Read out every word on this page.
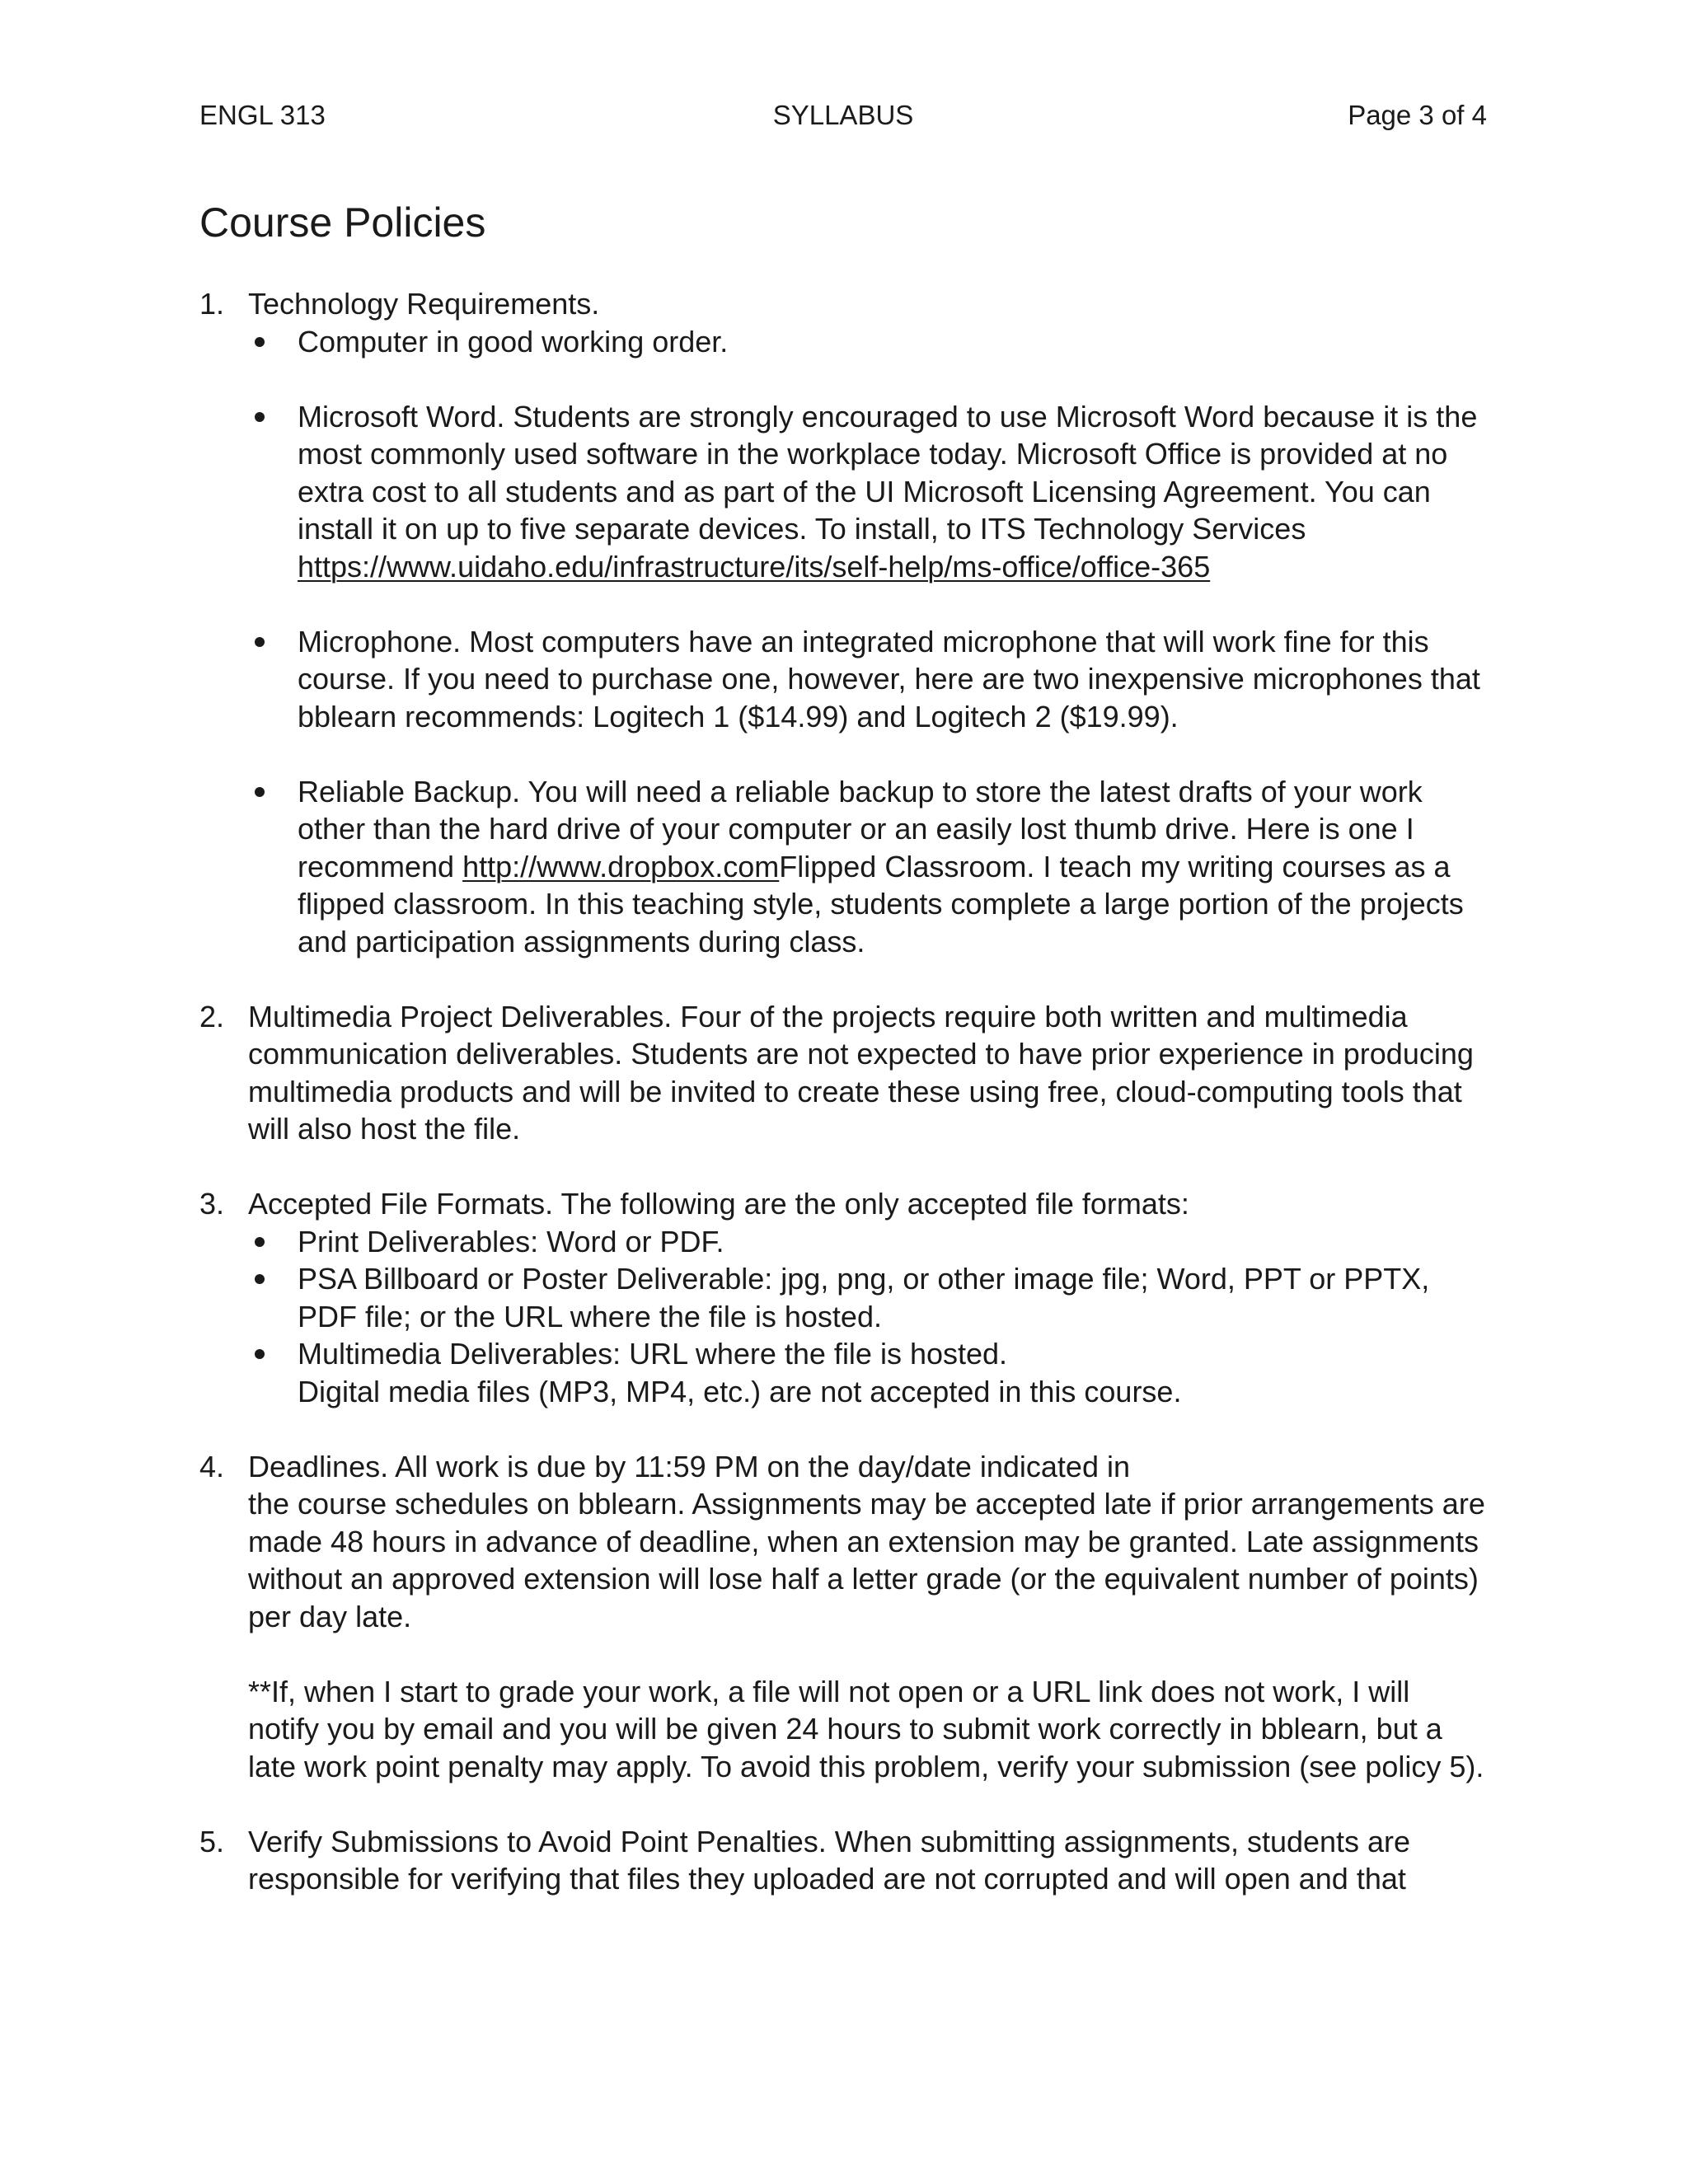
ENGL 313	SYLLABUS	Page 3 of 4
Course Policies
1. Technology Requirements.

Computer in good working order.

Microsoft Word. Students are strongly encouraged to use Microsoft Word because it is the most commonly used software in the workplace today. Microsoft Office is provided at no extra cost to all students and as part of the UI Microsoft Licensing Agreement. You can install it on up to five separate devices. To install, to ITS Technology Services https://www.uidaho.edu/infrastructure/its/self-help/ms-office/office-365

Microphone. Most computers have an integrated microphone that will work fine for this course. If you need to purchase one, however, here are two inexpensive microphones that bblearn recommends: Logitech 1 ($14.99) and Logitech 2 ($19.99).

Reliable Backup. You will need a reliable backup to store the latest drafts of your work other than the hard drive of your computer or an easily lost thumb drive. Here is one I recommend http://www.dropbox.comFlipped Classroom. I teach my writing courses as a flipped classroom. In this teaching style, students complete a large portion of the projects and participation assignments during class.

2. Multimedia Project Deliverables. Four of the projects require both written and multimedia communication deliverables. Students are not expected to have prior experience in producing multimedia products and will be invited to create these using free, cloud-computing tools that will also host the file.

3. Accepted File Formats. The following are the only accepted file formats:

Print Deliverables: Word or PDF.

PSA Billboard or Poster Deliverable: jpg, png, or other image file; Word, PPT or PPTX, PDF file; or the URL where the file is hosted.

Multimedia Deliverables: URL where the file is hosted.

Digital media files (MP3, MP4, etc.) are not accepted in this course.

4. Deadlines. All work is due by 11:59 PM on the day/date indicated in

the course schedules on bblearn. Assignments may be accepted late if prior arrangements are made 48 hours in advance of deadline, when an extension may be granted. Late assignments without an approved extension will lose half a letter grade (or the equivalent number of points) per day late.

**If, when I start to grade your work, a file will not open or a URL link does not work, I will notify you by email and you will be given 24 hours to submit work correctly in bblearn, but a late work point penalty may apply. To avoid this problem, verify your submission (see policy 5).

5. Verify Submissions to Avoid Point Penalties. When submitting assignments, students are responsible for verifying that files they uploaded are not corrupted and will open and that
